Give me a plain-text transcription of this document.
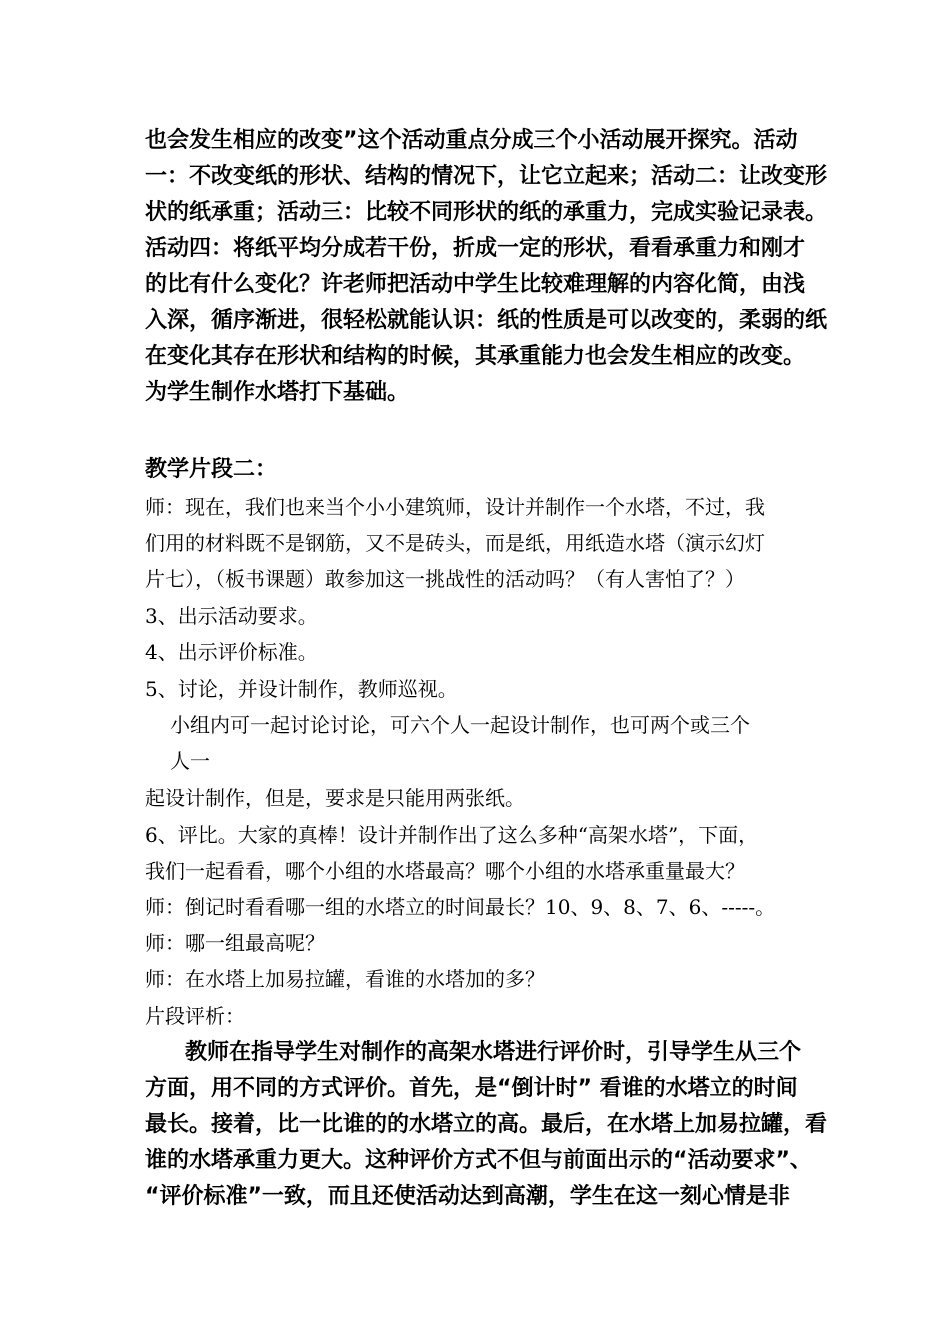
也会发生相应的改变”这个活动重点分成三个小活动展开探究。活动
一：不改变纸的形状、结构的情况下，让它立起来；活动二：让改变形
状的纸承重；活动三：比较不同形状的纸的承重力，完成实验记录表。
活动四：将纸平均分成若干份，折成一定的形状，看看承重力和刚才
的比有什么变化？许老师把活动中学生比较难理解的内容化简，由浅
入深，循序渐进，很轻松就能认识：纸的性质是可以改变的，柔弱的纸
在变化其存在形状和结构的时候，其承重能力也会发生相应的改变。
为学生制作水塔打下基础。
教学片段二：
师：现在，我们也来当个小小建筑师，设计并制作一个水塔，不过，我
们用的材料既不是钢筋，又不是砖头，而是纸，用纸造水塔（演示幻灯
片七），（板书课题）敢参加这一挑战性的活动吗？（有人害怕了？）
3、出示活动要求。
4、出示评价标准。
5、讨论，并设计制作，教师巡视。
小组内可一起讨论讨论，可六个人一起设计制作，也可两个或三个
人一
起设计制作，但是，要求是只能用两张纸。
6、评比。大家的真棒！设计并制作出了这么多种“高架水塔”，下面，
我们一起看看，哪个小组的水塔最高？哪个小组的水塔承重量最大？
师：倒记时看看哪一组的水塔立的时间最长？10、9、8、7、6、-----。
师：哪一组最高呢？
师：在水塔上加易拉罐，看谁的水塔加的多？
片段评析：
教师在指导学生对制作的高架水塔进行评价时，引导学生从三个
方面，用不同的方式评价。首先，是“倒计时” 看谁的水塔立的时间
最长。接着，比一比谁的的水塔立的高。最后，在水塔上加易拉罐，看
谁的水塔承重力更大。这种评价方式不但与前面出示的“活动要求”、
“评价标准”一致，而且还使活动达到高潮，学生在这一刻心情是非
